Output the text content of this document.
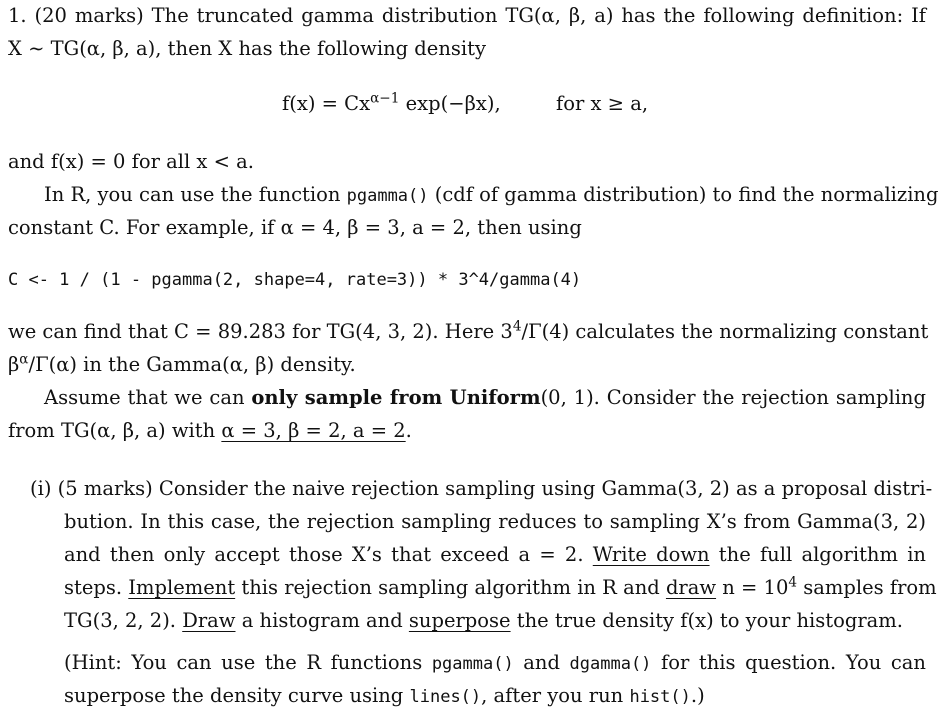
1. (20 marks) The truncated gamma distribution TG(α, β, a) has the following definition: If
X ∼ TG(α, β, a), then X has the following density
$f(x) = Cx^{\alpha-1}$ exp(−βx),	for x ≥ a,
and f(x) = 0 for all x < a.
In R, you can use the function pgamma() (cdf of gamma distribution) to find the normalizing
constant C. For example, if α = 4, β = 3, a = 2, then using
C <- 1 / (1 - pgamma(2, shape=4, rate=3)) * 3^4/gamma(4)
we can find that C = 89.283 for TG(4, 3, 2). Here $3^4/\Gamma(4)$ calculates the normalizing constant
$\beta^\alpha/\Gamma(\alpha)$ in the Gamma(α, β) density.
Assume that we can only sample from Uniform(0, 1). Consider the rejection sampling
from TG(α, β, a) with α = 3, β = 2, a = 2.
(i) (5 marks) Consider the naive rejection sampling using Gamma(3, 2) as a proposal distri-
bution. In this case, the rejection sampling reduces to sampling X’s from Gamma(3, 2)
and then only accept those X’s that exceed a = 2. Write down the full algorithm in
steps. Implement this rejection sampling algorithm in R and draw $n = 10^4$ samples from
TG(3, 2, 2). Draw a histogram and superpose the true density f(x) to your histogram.
(Hint: You can use the R functions pgamma() and dgamma() for this question. You can
superpose the density curve using lines(), after you run hist().)
